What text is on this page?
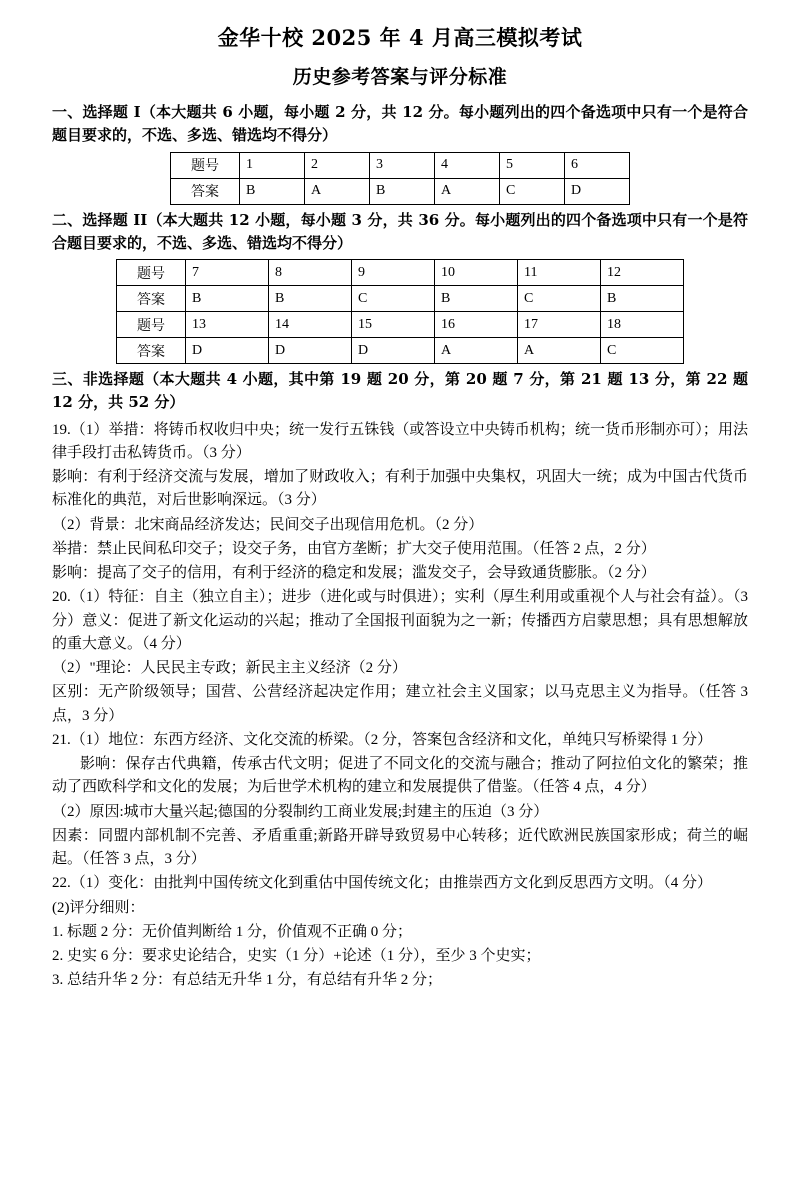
金华十校 2025 年 4 月高三模拟考试
历史参考答案与评分标准
一、选择题 I（本大题共 6 小题，每小题 2 分，共 12 分。每小题列出的四个备选项中只有一个是符合题目要求的，不选、多选、错选均不得分）
题号	1	2	3	4	5	6
答案	B	A	B	A	C	D
二、选择题 II（本大题共 12 小题，每小题 3 分，共 36 分。每小题列出的四个备选项中只有一个是符合题目要求的，不选、多选、错选均不得分）
题号	7	8	9	10	11	12
答案	B	B	C	B	C	B
题号	13	14	15	16	17	18
答案	D	D	D	A	A	C
三、非选择题（本大题共 4 小题，其中第 19 题 20 分，第 20 题 7 分，第 21 题 13 分，第 22 题 12 分，共 52 分）
19.（1）举措：将铸币权收归中央；统一发行五铢钱（或答设立中央铸币机构；统一货币形制亦可）；用法律手段打击私铸货币。（3 分）
影响：有利于经济交流与发展，增加了财政收入；有利于加强中央集权，巩固大一统；成为中国古代货币标准化的典范，对后世影响深远。（3 分）
（2）背景：北宋商品经济发达；民间交子出现信用危机。（2 分）
举措：禁止民间私印交子；设交子务，由官方垄断；扩大交子使用范围。（任答 2 点，2 分）
影响：提高了交子的信用，有利于经济的稳定和发展；滥发交子，会导致通货膨胀。（2 分）
20.（1）特征：自主（独立自主）；进步（进化或与时俱进）；实利（厚生利用或重视个人与社会有益）。（3 分）意义：促进了新文化运动的兴起；推动了全国报刊面貌为之一新；传播西方启蒙思想；具有思想解放的重大意义。（4 分）
（2）"理论：人民民主专政；新民主主义经济（2 分）
区别：无产阶级领导；国营、公营经济起决定作用；建立社会主义国家；以马克思主义为指导。（任答 3 点，3 分）
21.（1）地位：东西方经济、文化交流的桥梁。（2 分，答案包含经济和文化，单纯只写桥梁得 1 分）
影响：保存古代典籍，传承古代文明；促进了不同文化的交流与融合；推动了阿拉伯文化的繁荣；推动了西欧科学和文化的发展；为后世学术机构的建立和发展提供了借鉴。（任答 4 点，4 分）
（2）原因:城市大量兴起;德国的分裂制约工商业发展;封建主的压迫（3 分）
因素：同盟内部机制不完善、矛盾重重;新路开辟导致贸易中心转移；近代欧洲民族国家形成；荷兰的崛起。（任答 3 点，3 分）
22.（1）变化：由批判中国传统文化到重估中国传统文化；由推崇西方文化到反思西方文明。（4 分）
(2)评分细则：
1. 标题 2 分：无价值判断给 1 分，价值观不正确 0 分；
2. 史实 6 分：要求史论结合，史实（1 分）+论述（1 分），至少 3 个史实；
3. 总结升华 2 分：有总结无升华 1 分，有总结有升华 2 分；
